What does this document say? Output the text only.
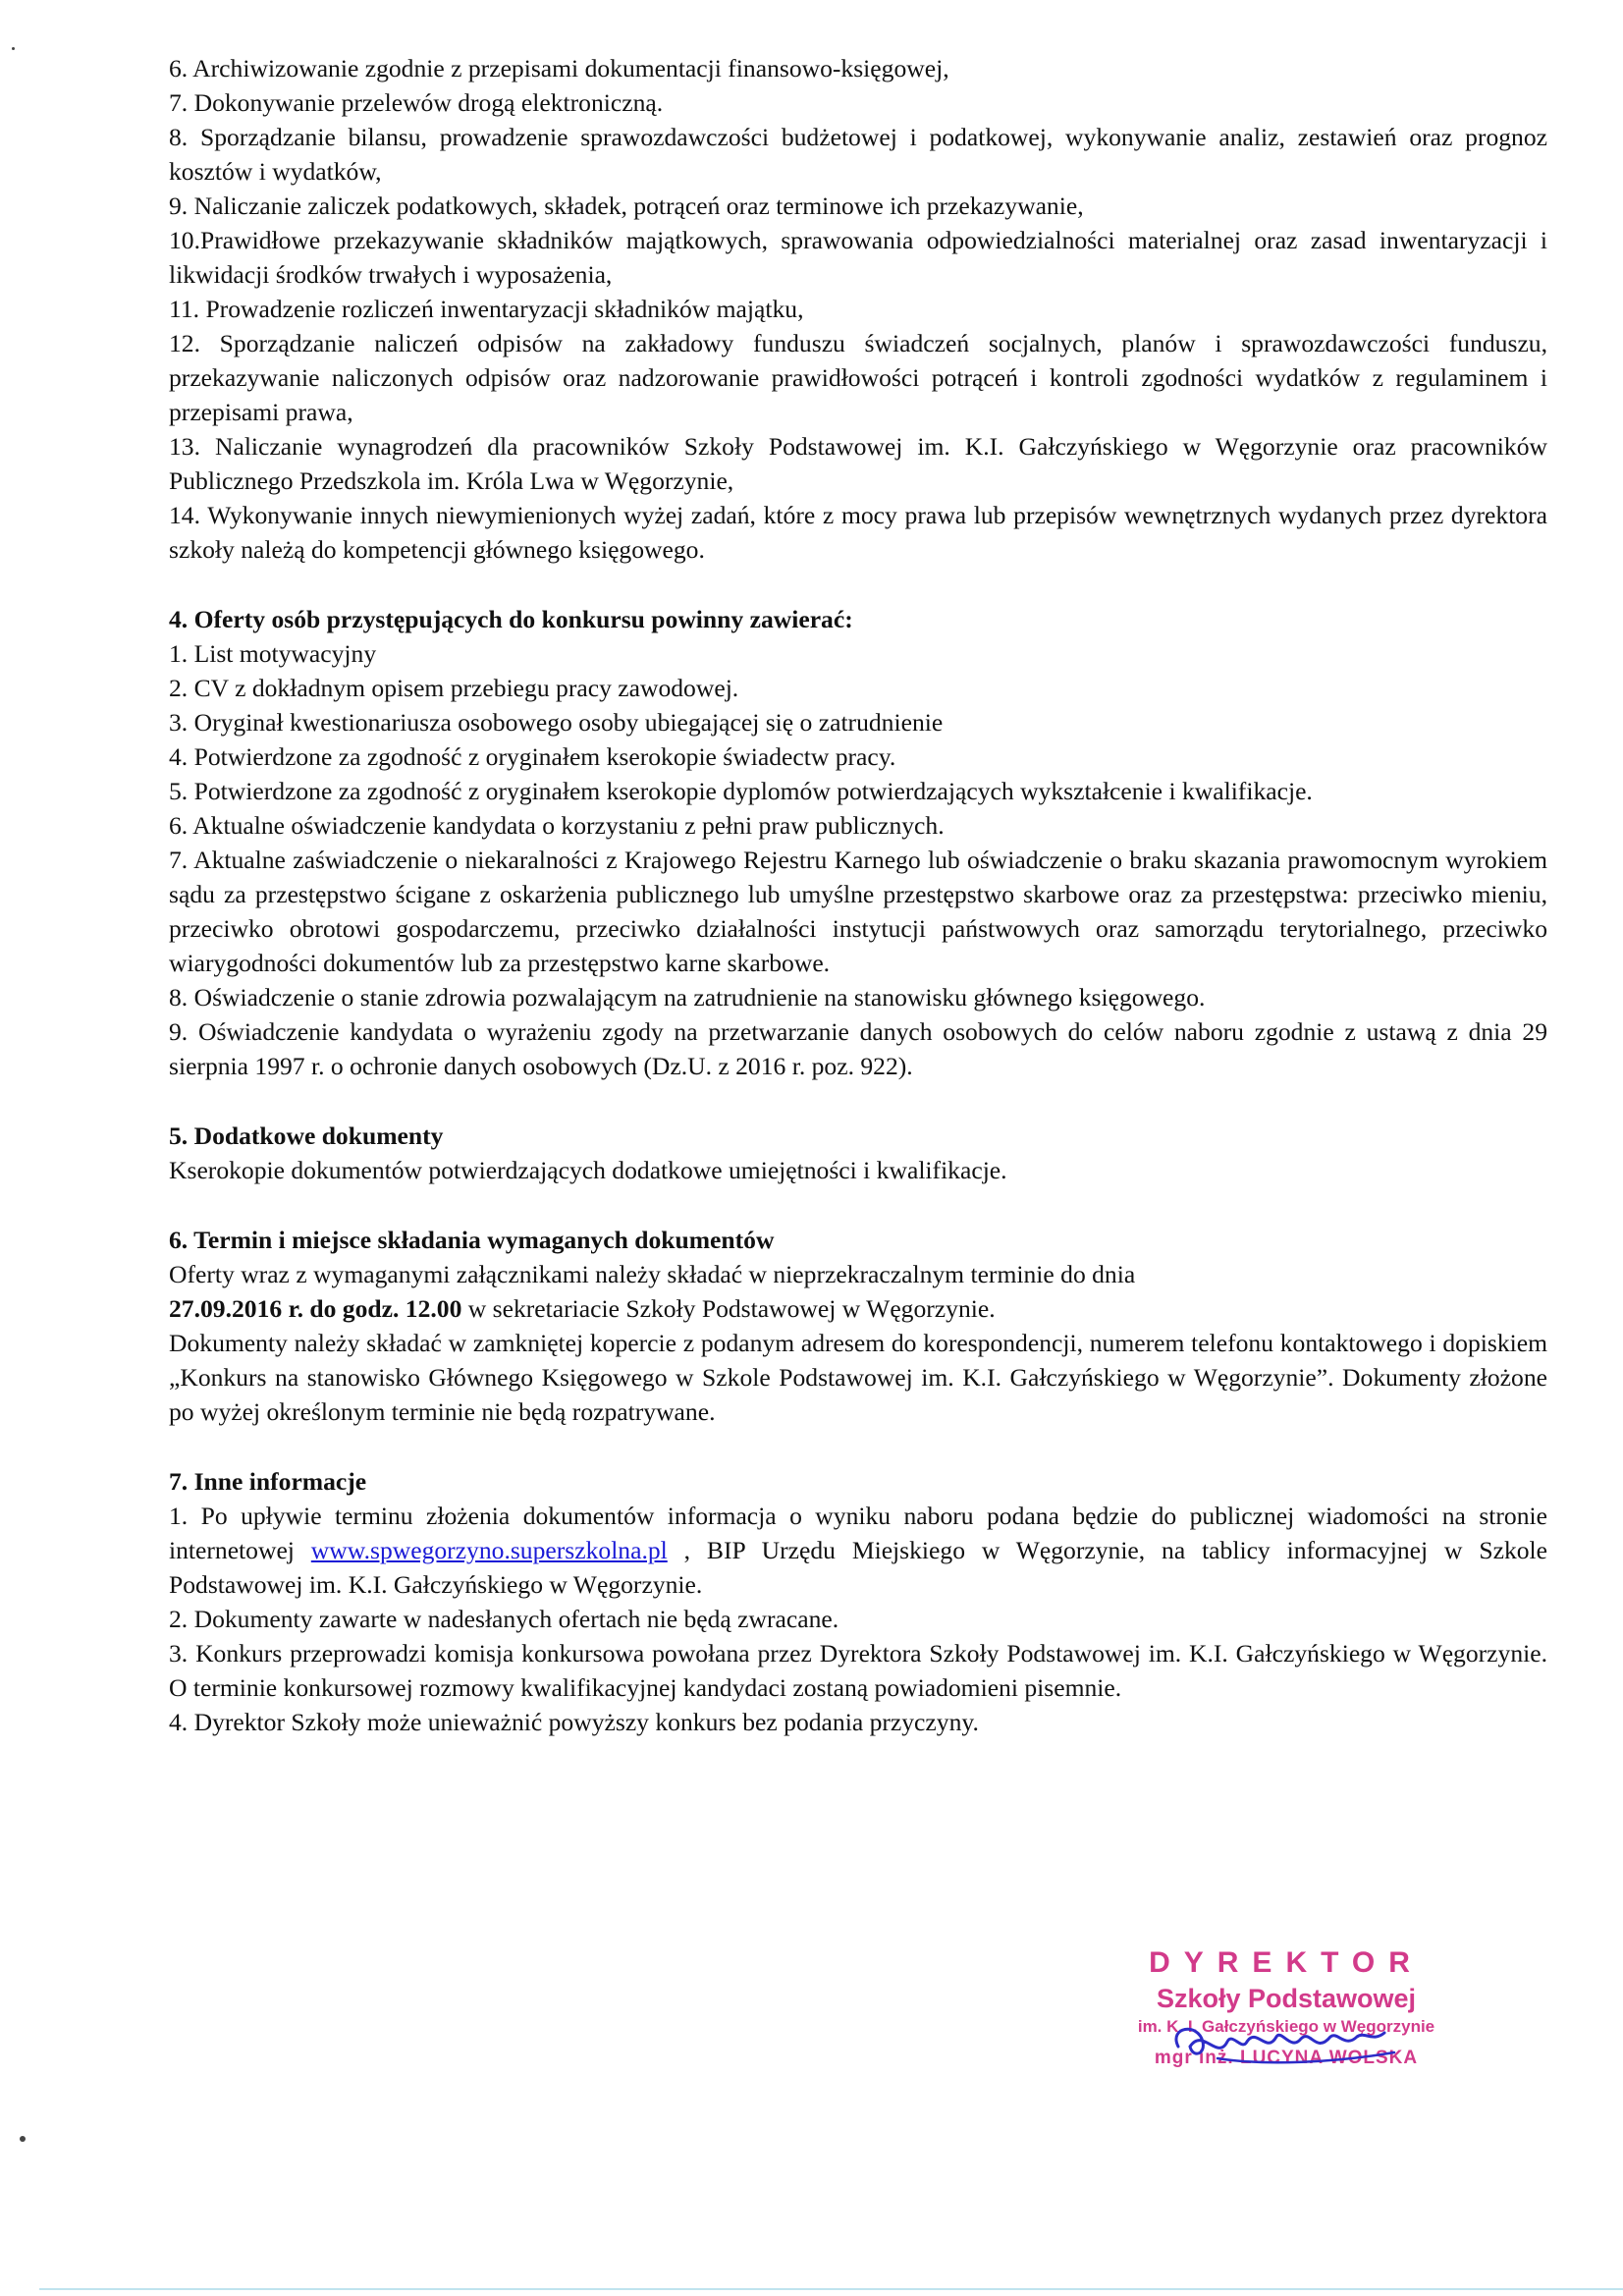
6. Archiwizowanie zgodnie z przepisami dokumentacji finansowo-księgowej,

7. Dokonywanie przelewów drogą elektroniczną.

8. Sporządzanie bilansu, prowadzenie sprawozdawczości budżetowej i podatkowej, wykonywanie analiz, zestawień oraz prognoz kosztów i wydatków,

9. Naliczanie zaliczek podatkowych, składek, potrąceń oraz terminowe ich przekazywanie,

10.Prawidłowe przekazywanie składników majątkowych, sprawowania odpowiedzialności materialnej oraz zasad inwentaryzacji i likwidacji środków trwałych i wyposażenia,

11. Prowadzenie rozliczeń inwentaryzacji składników majątku,

12. Sporządzanie naliczeń odpisów na zakładowy funduszu świadczeń socjalnych, planów i sprawozdawczości funduszu, przekazywanie naliczonych odpisów oraz nadzorowanie prawidłowości potrąceń i kontroli zgodności wydatków z regulaminem i przepisami prawa,

13. Naliczanie wynagrodzeń dla pracowników Szkoły Podstawowej im. K.I. Gałczyńskiego w Węgorzynie oraz pracowników Publicznego Przedszkola im. Króla Lwa w Węgorzynie,

14. Wykonywanie innych niewymienionych wyżej zadań, które z mocy prawa lub przepisów wewnętrznych wydanych przez dyrektora szkoły należą do kompetencji głównego księgowego.

4. Oferty osób przystępujących do konkursu powinny zawierać:

1. List motywacyjny

2. CV z dokładnym opisem przebiegu pracy zawodowej.

3. Oryginał kwestionariusza osobowego osoby ubiegającej się o zatrudnienie

4. Potwierdzone za zgodność z oryginałem kserokopie świadectw pracy.

5. Potwierdzone za zgodność z oryginałem kserokopie dyplomów potwierdzających wykształcenie i kwalifikacje.

6. Aktualne oświadczenie kandydata o korzystaniu z pełni praw publicznych.

7. Aktualne zaświadczenie o niekaralności z Krajowego Rejestru Karnego lub oświadczenie o braku skazania prawomocnym wyrokiem sądu za przestępstwo ścigane z oskarżenia publicznego lub umyślne przestępstwo skarbowe oraz za przestępstwa: przeciwko mieniu, przeciwko obrotowi gospodarczemu, przeciwko działalności instytucji państwowych oraz samorządu terytorialnego, przeciwko wiarygodności dokumentów lub za przestępstwo karne skarbowe.

8. Oświadczenie o stanie zdrowia pozwalającym na zatrudnienie na stanowisku głównego księgowego.

9. Oświadczenie kandydata o wyrażeniu zgody na przetwarzanie danych osobowych do celów naboru zgodnie z ustawą z dnia 29 sierpnia 1997 r. o ochronie danych osobowych (Dz.U. z 2016 r. poz. 922).

5. Dodatkowe dokumenty

Kserokopie dokumentów potwierdzających dodatkowe umiejętności i kwalifikacje.

6. Termin i miejsce składania wymaganych dokumentów

Oferty wraz z wymaganymi załącznikami należy składać w nieprzekraczalnym terminie do dnia

27.09.2016 r. do godz. 12.00 w sekretariacie Szkoły Podstawowej w Węgorzynie.

Dokumenty należy składać w zamkniętej kopercie z podanym adresem do korespondencji, numerem telefonu kontaktowego i dopiskiem „Konkurs na stanowisko Głównego Księgowego w Szkole Podstawowej im. K.I. Gałczyńskiego w Węgorzynie”. Dokumenty złożone po wyżej określonym terminie nie będą rozpatrywane.

7. Inne informacje

1. Po upływie terminu złożenia dokumentów informacja o wyniku naboru podana będzie do publicznej wiadomości na stronie internetowej www.spwegorzyno.superszkolna.pl , BIP Urzędu Miejskiego w Węgorzynie, na tablicy informacyjnej w Szkole Podstawowej im. K.I. Gałczyńskiego w Węgorzynie.

2. Dokumenty zawarte w nadesłanych ofertach nie będą zwracane.

3. Konkurs przeprowadzi komisja konkursowa powołana przez Dyrektora Szkoły Podstawowej im. K.I. Gałczyńskiego w Węgorzynie. O terminie konkursowej rozmowy kwalifikacyjnej kandydaci zostaną powiadomieni pisemnie.

4. Dyrektor Szkoły może unieważnić powyższy konkurs bez podania przyczyny.

DYREKTOR
Szkoły Podstawowej
im. K. I. Gałczyńskiego w Węgorzynie
mgr inż. LUCYNA WOLSKA
